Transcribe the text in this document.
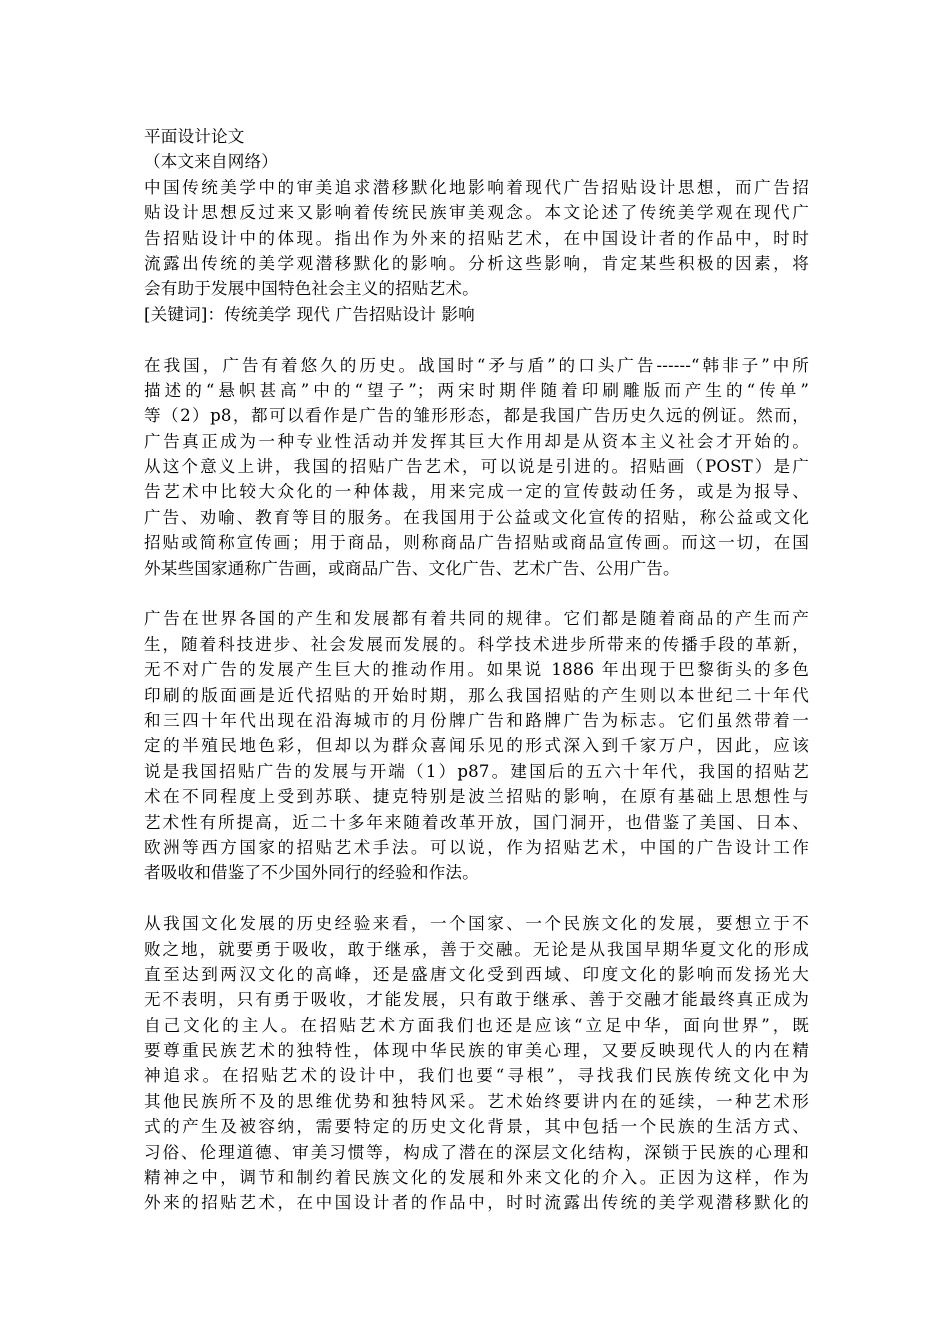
平面设计论文
（本文来自网络）
中国传统美学中的审美追求潜移默化地影响着现代广告招贴设计思想，而广告招
贴设计思想反过来又影响着传统民族审美观念。本文论述了传统美学观在现代广
告招贴设计中的体现。指出作为外来的招贴艺术，在中国设计者的作品中，时时
流露出传统的美学观潜移默化的影响。分析这些影响，肯定某些积极的因素，将
会有助于发展中国特色社会主义的招贴艺术。
[关键词]：传统美学 现代 广告招贴设计 影响
在我国，广告有着悠久的历史。战国时“矛与盾”的口头广告------“韩非子”中所
描述的“悬帜甚高”中的“望子”；两宋时期伴随着印刷雕版而产生的“传单”
等（2）p8，都可以看作是广告的雏形形态，都是我国广告历史久远的例证。然而，
广告真正成为一种专业性活动并发挥其巨大作用却是从资本主义社会才开始的。
从这个意义上讲，我国的招贴广告艺术，可以说是引进的。招贴画（POST）是广
告艺术中比较大众化的一种体裁，用来完成一定的宣传鼓动任务，或是为报导、
广告、劝喻、教育等目的服务。在我国用于公益或文化宣传的招贴，称公益或文化
招贴或简称宣传画；用于商品，则称商品广告招贴或商品宣传画。而这一切，在国
外某些国家通称广告画，或商品广告、文化广告、艺术广告、公用广告。
广告在世界各国的产生和发展都有着共同的规律。它们都是随着商品的产生而产
生，随着科技进步、社会发展而发展的。科学技术进步所带来的传播手段的革新，
无不对广告的发展产生巨大的推动作用。如果说 1886 年出现于巴黎街头的多色
印刷的版面画是近代招贴的开始时期，那么我国招贴的产生则以本世纪二十年代
和三四十年代出现在沿海城市的月份牌广告和路牌广告为标志。它们虽然带着一
定的半殖民地色彩，但却以为群众喜闻乐见的形式深入到千家万户，因此，应该
说是我国招贴广告的发展与开端（1）p87。建国后的五六十年代，我国的招贴艺
术在不同程度上受到苏联、捷克特别是波兰招贴的影响，在原有基础上思想性与
艺术性有所提高，近二十多年来随着改革开放，国门洞开，也借鉴了美国、日本、
欧洲等西方国家的招贴艺术手法。可以说，作为招贴艺术，中国的广告设计工作
者吸收和借鉴了不少国外同行的经验和作法。
从我国文化发展的历史经验来看，一个国家、一个民族文化的发展，要想立于不
败之地，就要勇于吸收，敢于继承，善于交融。无论是从我国早期华夏文化的形成
直至达到两汉文化的高峰，还是盛唐文化受到西域、印度文化的影响而发扬光大
无不表明，只有勇于吸收，才能发展，只有敢于继承、善于交融才能最终真正成为
自己文化的主人。在招贴艺术方面我们也还是应该“立足中华，面向世界”，既
要尊重民族艺术的独特性，体现中华民族的审美心理，又要反映现代人的内在精
神追求。在招贴艺术的设计中，我们也要“寻根”，寻找我们民族传统文化中为
其他民族所不及的思维优势和独特风采。艺术始终要讲内在的延续，一种艺术形
式的产生及被容纳，需要特定的历史文化背景，其中包括一个民族的生活方式、
习俗、伦理道德、审美习惯等，构成了潜在的深层文化结构，深锁于民族的心理和
精神之中，调节和制约着民族文化的发展和外来文化的介入。正因为这样，作为
外来的招贴艺术，在中国设计者的作品中，时时流露出传统的美学观潜移默化的
